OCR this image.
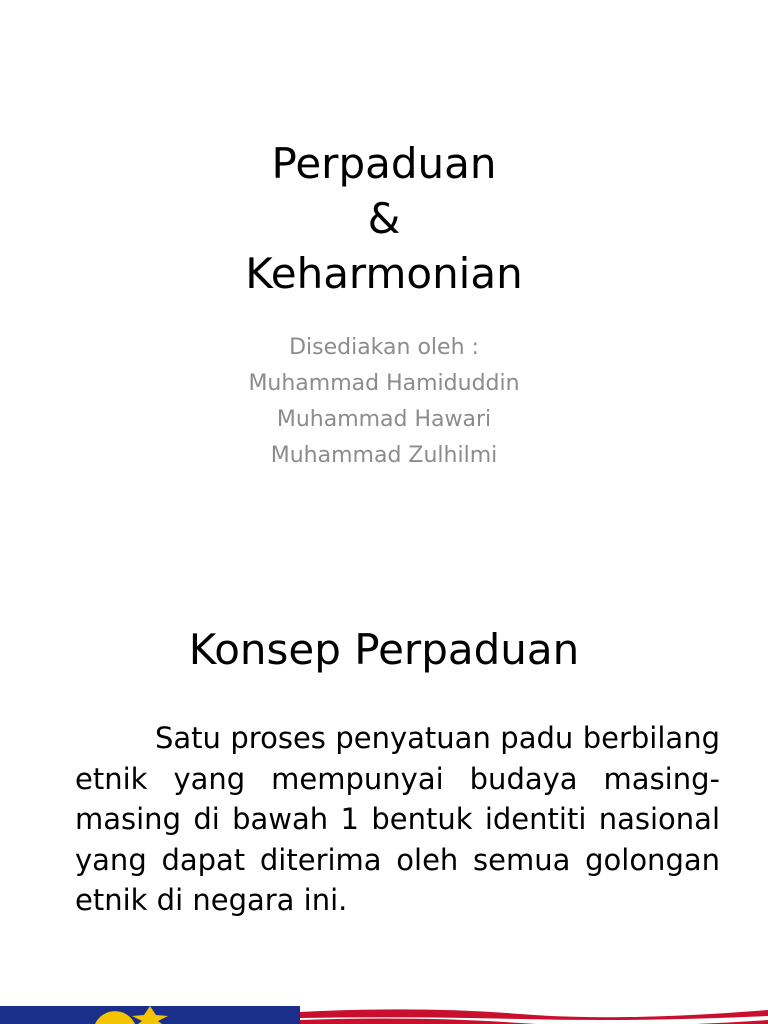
Perpaduan
&
Keharmonian
Disediakan oleh :
Muhammad Hamiduddin
Muhammad Hawari
Muhammad Zulhilmi
Konsep Perpaduan

Satu proses penyatuan padu berbilang etnik yang mempunyai budaya masing-masing di bawah 1 bentuk identiti nasional yang dapat diterima oleh semua golongan etnik di negara ini.
